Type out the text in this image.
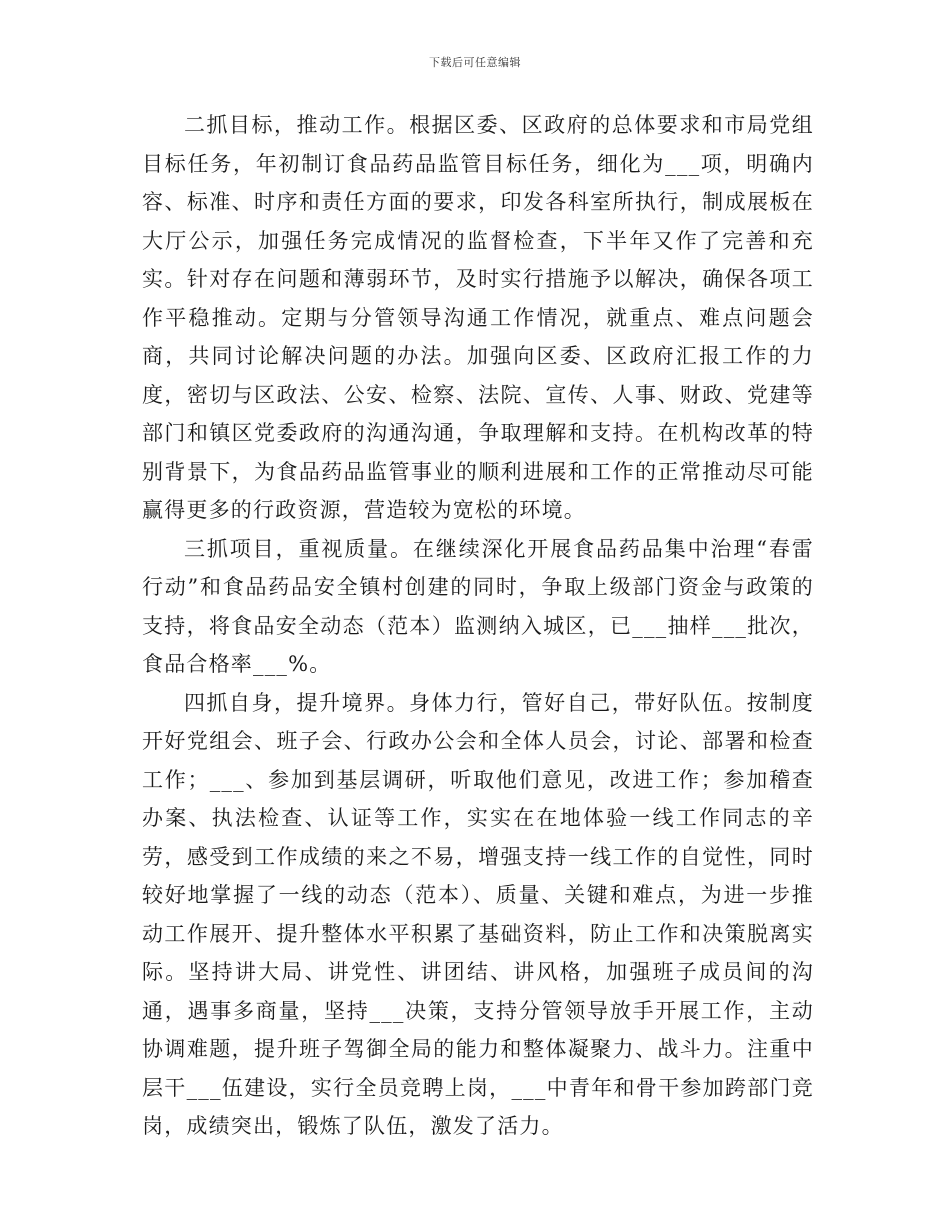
下载后可任意编辑

二抓目标，推动工作。根据区委、区政府的总体要求和市局党组目标任务，年初制订食品药品监管目标任务，细化为___项，明确内容、标准、时序和责任方面的要求，印发各科室所执行，制成展板在大厅公示，加强任务完成情况的监督检查，下半年又作了完善和充实。针对存在问题和薄弱环节，及时实行措施予以解决，确保各项工作平稳推动。定期与分管领导沟通工作情况，就重点、难点问题会商，共同讨论解决问题的办法。加强向区委、区政府汇报工作的力度，密切与区政法、公安、检察、法院、宣传、人事、财政、党建等部门和镇区党委政府的沟通沟通，争取理解和支持。在机构改革的特别背景下，为食品药品监管事业的顺利进展和工作的正常推动尽可能赢得更多的行政资源，营造较为宽松的环境。

三抓项目，重视质量。在继续深化开展食品药品集中治理“春雷行动”和食品药品安全镇村创建的同时，争取上级部门资金与政策的支持，将食品安全动态（范本）监测纳入城区，已___抽样___批次，食品合格率___%。

四抓自身，提升境界。身体力行，管好自己，带好队伍。按制度开好党组会、班子会、行政办公会和全体人员会，讨论、部署和检查工作；___、参加到基层调研，听取他们意见，改进工作；参加稽查办案、执法检查、认证等工作，实实在在地体验一线工作同志的辛劳，感受到工作成绩的来之不易，增强支持一线工作的自觉性，同时较好地掌握了一线的动态（范本）、质量、关键和难点，为进一步推动工作展开、提升整体水平积累了基础资料，防止工作和决策脱离实际。坚持讲大局、讲党性、讲团结、讲风格，加强班子成员间的沟通，遇事多商量，坚持___决策，支持分管领导放手开展工作，主动协调难题，提升班子驾御全局的能力和整体凝聚力、战斗力。注重中层干___伍建设，实行全员竞聘上岗，___中青年和骨干参加跨部门竞岗，成绩突出，锻炼了队伍，激发了活力。
